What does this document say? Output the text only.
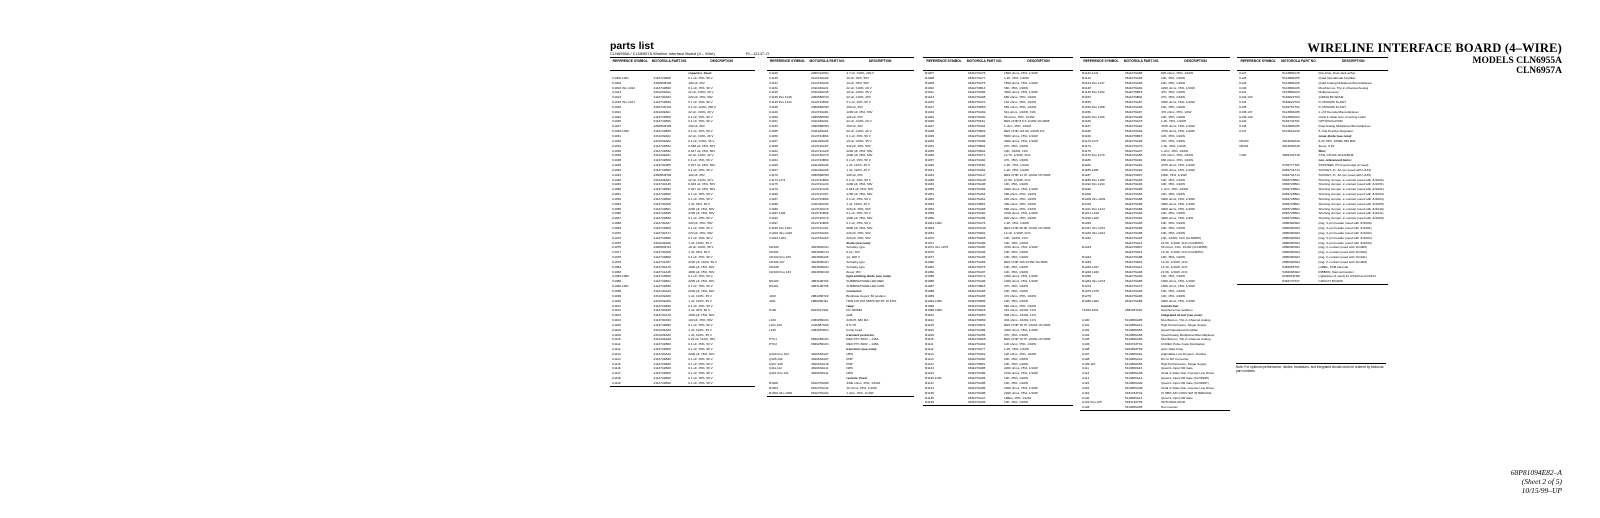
WIRELINE INTERFACE BOARD (4–WIRE)
MODELS CLN6955A
CLN6957A
parts list
CLN6955A / CLN6957A Wireline Interface Board (4 – Wire)	PL–12147–O
REFERENCE SYMBOL	MOTOROLA PART NO.	DESCRIPTION
capacitor, fixed:
C1000,1001	2113741B69	0.1 uF, ±5%, 50 V
C1002	2360560H06	100 uF, 25V
C1003 thru 1012	2113741B69	0.1 uF, ±5%, 50 V
C1013	2311049A01	22 uF, ±10%, 20 V
C1014	2113740A63	220 pF, ±5%, 50V
C1015 thru 1017	2113741B69	0.1 uF, ±5%, 50 V
C1018	2360741H01	0.1 uF, ±20%, 250 V
C1021	2311049A01	22 uF, ±10%, 20 V
C1022	2113741B69	0.1 uF, ±5%, 50 V
C1026	2113741B69	0.1 uF, ±5%, 50 V
C1027	2360560H06	100 uF, 25V
C1028,1029	2113741B69	0.1 uF, ±5%, 50 V
C1031	2311049A01	22 uF, ±10%, 20 V
C1032	2311049A82	0.1 uF, ±10%, 35 V
C1034	2113741B62	0.068 uF, ±5%, 50V
C1035	2113741B52	0.047 uF, ±5%, 50V
C1036	2311049A01	22 uF, ±10%, 20 V
C1038	2113741B69	0.1 uF, ±5%, 50 V
C1039	2113740A85	0.027 uF, ±5%, 50V
C1040	2113741B69	0.1 uF, ±5%, 50 V
C1043	2360560H06	100 uF, 25V
C1048	2311049A01	22 uF, ±10%, 20 V
C1049	2113740A45	0.033 uF, ±5%, 50V
C1050	2113741B52	0.047 uF, ±5%, 50V
C1051	2113741B69	0.1 uF, ±5%, 50 V
C1052	2113741B69	0.1 uF, ±5%, 50 V
C1053	2113740A05	1 nF, ±5%, 50 V
C1059	2113741B61	2200 pF, ±5%, 50V
C1060	2113741B65	4700 pF, ±5%, 50V
C1067	2113741B69	0.1 uF, ±5%, 50 V
C1068	2113740A67	330 pF, ±5%, 50V
C1069	2113741B69	0.1 uF, ±5%, 50 V
C1070	2113740A71	470 pF, ±5%, 50V
C1072	2113741B69	0.1 uF, ±5%, 50 V
C1075	2311049A06	1 uF, ±10%, 35 V
C1076	2360560H12	10 uF, ±20%, 50 V
C1077	2113740A05	1 nF, ±5%, 50 V
C1078	2113741B69	0.1 uF, ±5%, 50 V
C1079	2113741A57	4700 pF, ±10%, 50 V
C1082	2113740A79	1000 pF, ±5%, 50V
C1083	2113741A45	1800 pF, ±5%, 50V
C1084,1085	2113741B69	0.1 uF, ±5%, 50 V
C1086	2113741B61	2200 pF, ±5%, 50V
C1090,1097	2113741B69	0.1 uF, ±5%, 50 V
C1098	2113740A29	2200 pF, ±5%, 50V
C1099	2311049A06	1 uF, ±10%, 35 V
C1100	2311049A06	1 uF, ±10%, 35 V
C1101	2113741B69	0.1 uF, ±5%, 50 V
C1102	2113740A05	1 nF, ±5%, 50 V
C1103	2113740A79	1000 pF, ±5%, 50V
C1104	2113740A53	100 pF, ±5%, 50V
C1105	2113741B69	0.1 uF, ±5%, 50 V
C1106	2311049A06	1 uF, ±10%, 35 V
C1109	2311049A06	1 uF, ±10%, 35 V
C1110	2311049A08	0.22 uF, ±10%, 35V
C1111	2113741B69	0.1 uF, ±5%, 50 V
C1112	2113741B69	0.1 uF, ±5%, 50 V
C1113	2113740A29	2200 pF, ±5%, 50V
C1114	2113741B69	0.1 uF, ±5%, 50 V
C1115	2113741B69	0.1 uF, ±5%, 50 V
C1116	2113741B69	0.1 uF, ±5%, 50 V
C1117	2113741B69	0.1 uF, ±5%, 50 V
C1118	2113741B69	0.1 uF, ±5%, 50 V
C1119	2113741B69	0.1 uF, ±5%, 50 V
REFERENCE SYMBOL	MOTOROLA PART NO.	DESCRIPTION
C1129	2360741H01	4.7 uF, ±20%, 200 V
C1130	2113740A29	10 pF, ±5%, 50V
C1131	2113740A29	10 pF, ±5%, 50V
C1134	2311049A21	22 uF, ±10%, 20 V
C1135	2311049A45	10 uF, ±20%, 35 V
C1138 thru 1139	2360560H10	22 uF, ±10%, 25V
C1140 thru 1144	2113741B69	0.1 uF, ±5%, 50 V
C1148	2360560H06	100 uF, 25V
C1149	2113740A81	1200 pF, ±5%, 50V
C1150	2360560H06	100 uF, 25V
C1151	2311049A01	22 uF, ±10%, 20 V
C1153	2360560H06	100 uF, 25V
C1155	2311049A01	22 uF, ±10%, 20 V
C1156	2113741B69	0.1 uF, ±5%, 50 V
C1157	2311049A45	10 uF, ±20%, 35 V
C1158	2113740A67	330 pF, ±5%, 50V
C1162	2113741A29	2200 pF, ±5%, 50V
C1163	2113740A79	1000 pF, ±5%, 50V
C1164	2113741B69	0.1 uF, ±5%, 50 V
C1165	2311049A06	1 uF, ±10%, 35 V
C1167	2311049A06	1 uF, ±10%, 35 V
C1170	2360560H06	100 uF, 25V
C1173,1174	2113741B69	0.1 uF, ±5%, 50 V
C1175	2113741A33	2200 pF, ±5%, 50V
C1176	2113741A45	0.033 uF, ±5%, 50V
C1186	2113741A57	4700 pF, ±5%, 50V
C1187	2113741B69	0.1 uF, ±5%, 50 V
C1188	2311049A06	1 uF, ±10%, 35 V
C1189	2113740A79	220 pF, ±5%, 50V
C1191,1192	2113741B69	0.1 uF, ±5%, 50 V
C1194	2113740A79	1000 pF, ±5%, 50V
C1197	2113741B69	0.1 uF, ±5%, 50 V
C1199 thru 1201	2113741A61	6800 pF, ±5%, 50V
C1202 thru 1220	2113740A63	220 pF, ±5%, 50V
C1223,1224	2113740A63	220 pF, ±5%, 50V
diode (see note):
CR100	4813833C01	Schottky type
CR101	4813830C13	0.1A, 70V
CR102 thru 106	4813830A06	1A, 600 V
CR106,107	4813830C01	Schottky type
CR108	4813830D01	Schottky type
CR109 thru 133	4813830C28	Zener 15V
light emitting diode (see note):
DS100	4863199T04	SUBMINIATURE LED RED
DS101	4863198T06	SUBMINIATURE LED GRN
connector:
J100	2884450T29	Bindinate Keyed, 50 position
J101	2880096J10	HDR 10X PM SMPS SR RT 10 POS
relay:
K100	8013017S01	DC 300MM
coil:
L100	2480059U01	220UH, 680 MA
L101,102	2411887S08	8.5 UH
L106	2484657R01	ferrite bead
transient protector:
PTC1	0660259U01	RES PTC 600V ~ 145A
PTC2	0660259U01	RES PTC 600V ~ 145A
transistor (see note):
Q100 thru 103	4810632A07	NPN
Q105,106	4810632A07	PNP
Q107,108	4810634A16	PNP
Q111,112	4810634A11	NPN
Q116 thru 121	4810634A11	NPN
resistor, fixed:
R1000	0611079A88	3300 ohms, ±5%, 1/10W
R1001	0611079A42	10 ohms, ±5%, 1/10W
R1002 thru 1006	0611079A92	1 ohm, ±5%, 1/10W
REFERENCE SYMBOL	MOTOROLA PART NO.	DESCRIPTION
R1007	0611079A76	1800 ohms, ±5%, 1/10W
R1008	0611079A77	1.2K, ±5%, 1/10W
R1009	0611079A76	1500 ohms, ±5%, 1/10W
R1010	0611079B13	39K, ±5%, 1/10W
R1011	0611079A86	3600 ohms, ±5%, 1/10W
R1013	0611079A68	680 ohms, ±5%, 1/10W
R1015	0611079A70	120 ohms, ±5%, 1/10W
R1017	0611079D50	560 ohms, ±5%, 1/10W
R1019	0611079A69	511 ohms, 1/10W, ±1%
R1022	0611079A40	56 ohms, ±5%, 1/10W
R1026	0611079F61	RES CHIP 8.6 K 1/10W 1% 0805
R1027	0611079A62	1 ohm, ±5%, 1/10W
R1028	0611079B29	RES CHIP 121.0K 1/10W 1%
R1029	0611079A96	5600 ohms, ±5%, 1/10W
R1030	0611079A86	3600 ohms, ±5%, 1/10W
R1031	0611079B02	27K, ±5%, 1/10W
R1035	0611079D01	10K, 1/10W, ±1%
R1036	0611079A71	12.7K, 1/10W, ±1%
R1037	0611079A60	47K, ±5%, 1/10W
R1040	0611079F62	1.2K, ±5%, 1/10W
R1041	0611079A81	1.2K, ±5%, 1/10W
R1043	0611079G17	RES CHIP 14.7K 1/10W 1% 0805
R1048	0611079G48	21.5K, 1/10W, ±1%
R1049	0611079A06	10K, ±5%, 1/10W
R1050	0611079A66	3300 ohms, ±5%, 1/10W
R1051	0611079A64	390 ohms, ±5%, 1/10W
R1052	0611079A62	220 ohms, ±5%, 1/10W
R1053	0611079B51	390 ohms, ±5%, 1/10W
R1054	0611079A68	680 ohms, ±5%, 1/10W
R1059	0611079A90	4700 ohms, ±5%, 1/10W
R1060	0611079A66	820 ohms, ±5%, 1/10W
R1061,1062	0611079A76	1.2K, ±5%, 1/10W
R1063	0611079G48	RES CHIP 28.0K 1/10W 1% 0805
R1064	0611079D91	12.1K, 1/10W, ±1%
R1070	0611079D56	10K, 1/10W, ±1%
R1071	0611079A89	10K, ±5%, 1/10W
R1072 thru 1075	0611079A90	4700 ohms, ±5%, 1/10W
R1076	0611079A06	10K, ±5%, 1/10W
R1077	0611079A06	10K, ±5%, 1/10W
R1080	0611079A59	RES CHIP 100 1/10W 1% 0805
R1081	0611079A76	10K, ±5%, 1/10W
R1082	0611079A97	10K, ±5%, 1/10W
R1085	0611079C74	1000 ohms, ±5%, 1/10W
R1086	0611079A06	1000 ohms, ±5%, 1/10W
R1087	0611079B15	47K, ±5%, 1/10W
R1088	0611079A06	10K, ±5%, 1/10W
R1089	0611079A65	470 ohms, ±5%, 1/10W
R1094,1095	0611079B05	10K, ±5%, 1/10W
R1096	0611079A69	680 ohms, ±5%, 1/10W
R1098,1099	0611079D25	316 ohms, 1/10W, ±1%
R1100	0611079D50	908 ohms, 1/10W, ±1%
R1102	0611079D50	402 ohms, 1/10W, ±1%
R1105	0611079D21	RES CHIP 78.7K 1/10W 1% 0805
R1106	0611079A86	3300 ohms, ±5%, 1/10W
R1109	0611079A56	47K, ±5%, 1/10W
R1110	0611079D28	RES CHIP 78.7K 1/10W 1% 0805
R1111	0611079A62	120 ohms, ±5%, 1/10W
R1112	0611079A77	1.2K, ±5%, 1/10W
R1113	0611079A62	120 ohms, ±5%, 1/10W
R1114	0611079A60	20K, ±5%, 1/10W
R1121	0611079B01	10K, ±5%, 1/10W
R1123	0611079A85	2200 ohms, ±5%, 1/10W
R1124	0611079A86	2700 ohms, ±5%, 1/10W
R1126,1130	0611079A06	10K, ±5%, 1/10W
R1131	0611079A85	10K, ±5%, 1/10W
R1134	0611079A85	2200 ohms, ±5%, 1/10W
R1135	0611079A85	2200 ohms, ±5%, 1/10W
R1136	0611079A47	1MEG, ±5%, 1/10W
R1138	0611079A06	10K, ±5%, 1/10W
REFERENCE SYMBOL	MOTOROLA PART NO.	DESCRIPTION
R1140,1141	0611079A88	820 ohms, ±5%, 1/10W
R1142	0611079A06	10K, ±5%, 1/10W
R1144 thru 1147	0611079A06	10K, ±5%, 1/10W
R1148	0611079A92	2200 ohms, ±5%, 1/10W
R1149 thru 1152	0611079B15	47K, ±5%, 1/10W
R1153	0611079B02	27K, ±5%, 1/10W
R1155	0611079A87	3300 ohms, ±5%, 1/10W
R1156 thru 1158	0611079A06	10K, ±5%, 1/10W
R1159	0611079A67	470 ohms, ±5%, 1/4W
R1160 thru 1165	0611079A06	10K, ±5%, 1/10W
R1166	0611079A76	1.2K, ±5%, 1/10W
R1167	0611079A92	4700 ohms, ±5%, 1/10W
R1168	0611079A92	4700 ohms, ±5%, 1/10W
R1169	0611079B15	10K, ±5%, 1/10W
R1170,1173	0611079A06	47K, ±5%, 1/10W
R1174	0611079A76	1.2K, ±5%, 1/10W
R1175	0611079A47	1 ohm, ±5%, 1/10W
R1176 thru 1179	0611079A58	270 ohms, ±5%, 1/10W
R1180	0611079A60	680 ohms, ±5%, 1/10W
R1182	0611079A92	4700 ohms, ±5%, 1/10W
R1185,1186	0611079A92	4700 ohms, ±5%, 1/10W
R1187	0611079D07	100K, ±5%, 1/10W
R1188 thru 1189	0611079A06	10K, ±5%, 1/10W
R1192 thru 1194	0611079A06	10K, ±5%, 1/10W
R1196	0611079A95	1 ohm, ±5%, 1/10W
R1200	0611079A06	10K, ±5%, 1/10W
R1205 thru 1209	0611079A88	3900 ohms, ±5%, 1/10W
R1210	0611079A88	3900 ohms, ±5%, 1/10W
R1211 thru 1214	0611079A88	3900 ohms, ±5%, 1/10W
R1217,1218	0611079A06	10K, ±5%, 1/10W
R1220,1226	0611079A82	3900 ohms, ±5%, 1/4W
R1225	0611079A06	10K, ±5%, 1/10W
R1227 thru 1231	0611079A88	10K, ±5%, 1/10W
R1232 thru 1241	0611079A88	10K, ±5%, 1/10W
R1242	0611079A04	10K, 1/10W, ±1% (CLN6955)
0611079A14	21.5K, 1/10W, ±1% (CLN6957)
R1243	0611079D07	59 ohms, ±1%, 1/10W (CLN6955)
0611079A14	12.1K, 1/10W, ±1% (CLN6957)
R1244	0611079A88	10K, ±5%, 1/10W
R1245	0611079D91	12.1K, 1/10W, ±1%
R1246,1247	0611079A14	12.1K, 1/10W, ±1%
R1248,1249	0611079A06	21.5K, 1/10W, ±1%
R1250	0611079A06	10K, ±5%, 1/10W
R1264 thru 1273	0611079A85	1000 ohms, ±5%, 1/10W
R1274	0611079A76	1500 ohms, ±5%, 1/10W
R1276,1278	0611079A06	10K, ±5%, 1/10W
R1279	0611079A06	10K, ±5%, 1/10W
R1280,1284	0611079A88	3900 ohms, ±5%, 1/10W
transformer:
T1000,1001	2584457Z01	telephone line isolation
integrated circuit (see note):
U100	5113806A95	Mux/Demux, Trip 2–Channel Analog
U101	5113806A13	High Performance, Single Supply
U102	5113808A55	Quad Operational Amplifier
U104	5113806A08	Quad Analog Multiplexer/Demultiplexer
U105	5113806A95	Mux/Demux, Trip 2–Channel Analog
U106	5184742T01	CODEC Pulse Code Modulation
U108	5184822T09	AGC Data Array
U107	5113809A61	Adjustable Low Dropout, Positive
U108	5113806A41	DC to DC Converter
U109,110	5113808A55	High Performance, Single Supply
U111	5113808A16	Quad 2–Input OR Gate
U113	5113806A38	Octal 3–State Non–Inverter Line Driver
U114	5113806A14	Quad 2–Input OR Gate (CLN6955)
U115	5113806A09	Quad 2–Input OR Gate (CLN6957)
U116	5113806A38	Octal 3–State Non–Inverter Line Driver
U119	5184764T01	IC SBIT A/D CONV SPI INTERFACE
U120	5113806A13	Quad 2–Input OR Gate
U122 thru 125	5184740T05	OPTOISOLATOR
U126	5113806A05	Hex inverter
REFERENCE SYMBOL	MOTOROLA PART NO.	DESCRIPTION
U127	5113806A78	Flip–Flop, Dual Jack w/Set
U128	5113808A55	Quad Operational Amplifier
U129	5113806A09	Quad Analog Multiplexer/Demultiplexer
U130	5113806A95	Mux/Demux, Trip 2–Channel Analog
U131	5113806A20	Multiprocessor
U132,133	5184822T03	128Kx8 Bit SRAM
U134	5184822T02	IC PROM/D FLASH
U135	5184751T02	IC PROM/D FLASH
U136,137	5113806A85	1 of 8 Decoder/Demultiplexer
U138,139	5113806A04	Octal 3–State Non–Inverting Latch
U140	5184742T01	OPTOISOLATOR
U145	5113806A95	Dual Analog Multiplexer/Demultiplexer
U147	5113814A30	5–Volt Positive Regulator
zener diode (see note):
VR100	4813830A18	6.2V ±5%, 225Mk 350 MW
VR101	4813830A16	Zener, 9.6V
filter:
Y100	4884432T18	XTAL CP10A 18.432MHZ
non–referenced items:
0784777T01	STIFFNER, PC board edge (2 used)
0984744T14	SOCKET, IC, 32–pin (used with U134)
0984744T14	SOCKET, IC, 32–pin (used with U135)
0984723B01	Shorting Jumper, 2–contact (used with JU1000)
0984723B01	Shorting Jumper, 2–contact (used with JU1001)
0984723B01	Shorting Jumper, 2–contact (used with JU1002)
0984723B01	Shorting Jumper, 2–contact (used with JU1003)
0984723B01	Shorting Jumper, 2–contact (used with JU1004)
0984723B01	Shorting Jumper, 2–contact (used with JU1005)
0984723B01	Shorting Jumper, 2–contact (used with JU1010)
0984723B01	Shorting Jumper, 2–contact (used with JU1011)
0984723B01	Shorting Jumper, 2–contact (used with JU1009)
2880390S03	plug, 3–pin header (used with JU1000)
2880390S03	plug, 3–pin header (used with JU1001)
2880390S03	plug, 3–pin header (used with JU1002)
2880390S03	plug, 3–pin header (used with JU1003)
2880390S03	plug, 3–pin header (used with JU1004)
2880390S04	plug, 2–contact (used with JU1005)
2880390S04	plug, 2–contact (used with JU1010)
2880390S04	plug, 2–contact (used with JU1011)
2880390S04	plug, 2–contact (used with JU1009)
5484065T01	LABEL, PCB barcode
5484066S02	RIBBON, thermal transfer
6180919H02	Lightpipes (2 used) for DS100 and DS101
8484770T27	CIRCUIT BOARD
Note: For optimum performance, diodes, transistors, and integrated circuits must be ordered by Motorola part numbers.
68P81094E82–A
(Sheet 2 of 5)
10/15/99–UP
